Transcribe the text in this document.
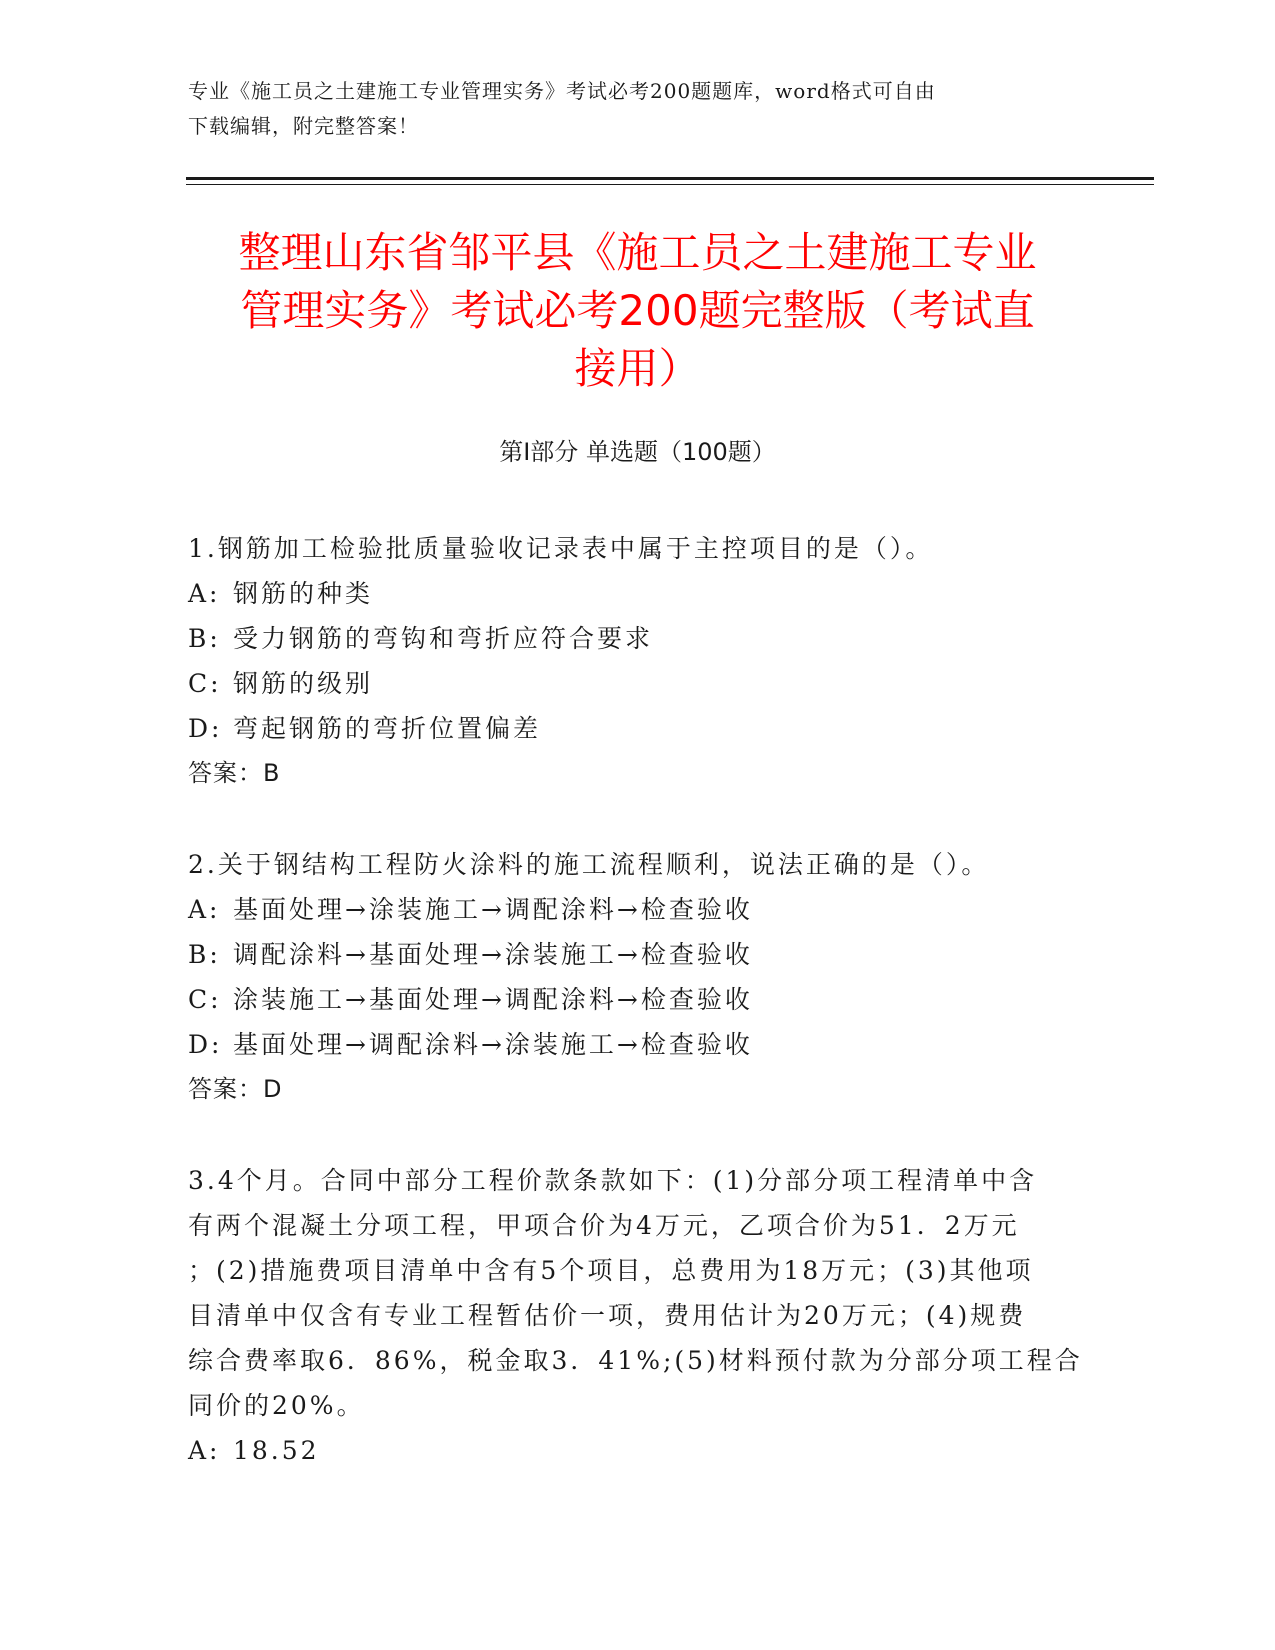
专业《施工员之土建施工专业管理实务》考试必考200题题库，word格式可自由
下载编辑，附完整答案！
整理山东省邹平县《施工员之土建施工专业
管理实务》考试必考200题完整版（考试直
接用）
第Ⅰ部分 单选题（100题）
1.钢筋加工检验批质量验收记录表中属于主控项目的是（）。
A: 钢筋的种类
B: 受力钢筋的弯钩和弯折应符合要求
C: 钢筋的级别
D: 弯起钢筋的弯折位置偏差
答案：B
2.关于钢结构工程防火涂料的施工流程顺利，说法正确的是（）。
A: 基面处理→涂装施工→调配涂料→检查验收
B: 调配涂料→基面处理→涂装施工→检查验收
C: 涂装施工→基面处理→调配涂料→检查验收
D: 基面处理→调配涂料→涂装施工→检查验收
答案：D
3.4个月。合同中部分工程价款条款如下：(1)分部分项工程清单中含
有两个混凝土分项工程，甲项合价为4万元，乙项合价为51．2万元
；(2)措施费项目清单中含有5个项目，总费用为18万元；(3)其他项
目清单中仅含有专业工程暂估价一项，费用估计为20万元；(4)规费
综合费率取6．86%，税金取3．41%;(5)材料预付款为分部分项工程合
同价的20%。
A: 18.52
